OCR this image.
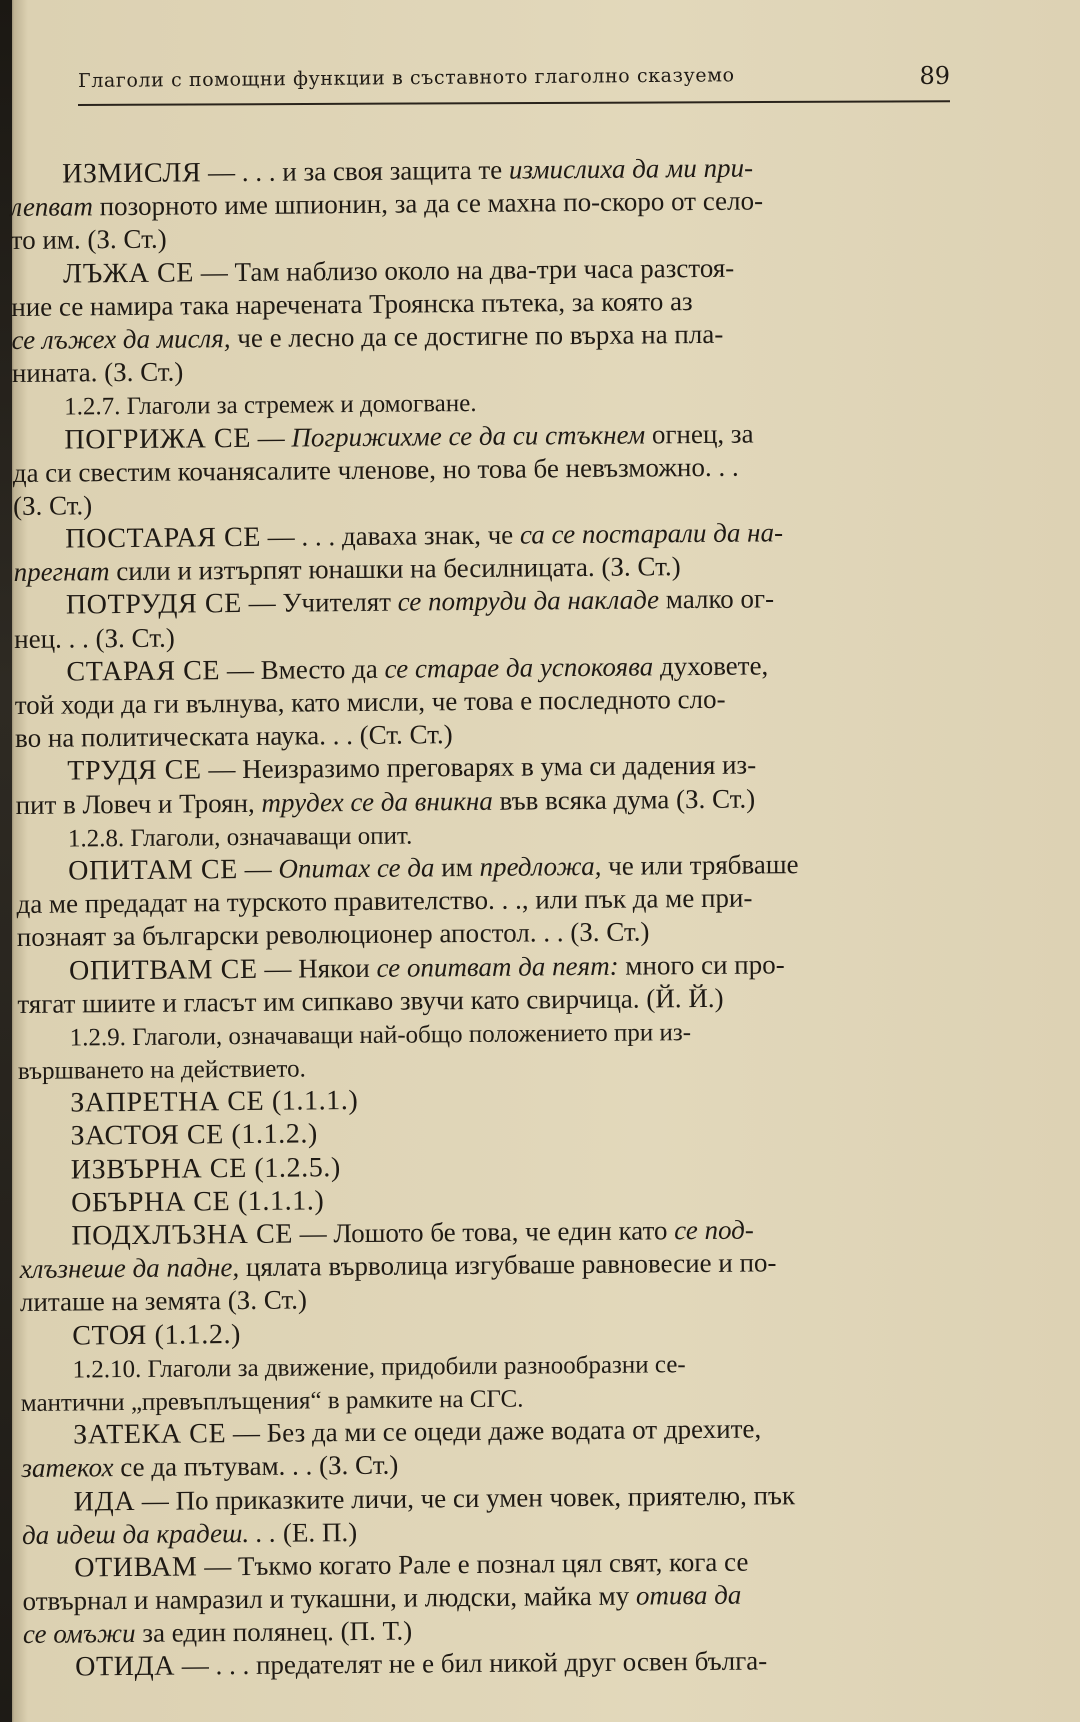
Глаголи с помощни функции в съставното глаголно сказуемо	89
ИЗМИСЛЯ — . . . и за своя защита те измислиха да ми при-
лепват позорното име шпионин, за да се махна по-скоро от село-
то им. (З. Ст.)
ЛЪЖА СЕ — Там наблизо около на два-три часа разстоя-
ние се намира така наречената Троянска пътека, за която аз
се лъжех да мисля, че е лесно да се достигне по върха на пла-
нината. (З. Ст.)
1.2.7. Глаголи за стремеж и домогване.
ПОГРИЖА СЕ — Погрижихме се да си стъкнем огнец, за
да си свестим кочанясалите членове, но това бе невъзможно. . .
(З. Ст.)
ПОСТАРАЯ СЕ — . . . даваха знак, че са се постарали да на-
прегнат сили и изтърпят юнашки на бесилницата. (З. Ст.)
ПОТРУДЯ СЕ — Учителят се потруди да накладе малко ог-
нец. . . (З. Ст.)
СТАРАЯ СЕ — Вместо да се старае да успокоява духовете,
той ходи да ги вълнува, като мисли, че това е последното сло-
во на политическата наука. . . (Ст. Ст.)
ТРУДЯ СЕ — Неизразимо преговарях в ума си дадения из-
пит в Ловеч и Троян, трудех се да вникна във всяка дума (З. Ст.)
1.2.8. Глаголи, означаващи опит.
ОПИТАМ СЕ — Опитах се да им предложа, че или трябваше
да ме предадат на турското правителство. . ., или пък да ме при-
познаят за български революционер апостол. . . (З. Ст.)
ОПИТВАМ СЕ — Някои се опитват да пеят: много си про-
тягат шиите и гласът им сипкаво звучи като свирчица. (Й. Й.)
1.2.9. Глаголи, означаващи най-общо положението при из-
вършването на действието.
ЗАПРЕТНА СЕ (1.1.1.)
ЗАСТОЯ СЕ (1.1.2.)
ИЗВЪРНА СЕ (1.2.5.)
ОБЪРНА СЕ (1.1.1.)
ПОДХЛЪЗНА СЕ — Лошото бе това, че един като се под-
хлъзнеше да падне, цялата върволица изгубваше равновесие и по-
литаше на земята (З. Ст.)
СТОЯ (1.1.2.)
1.2.10. Глаголи за движение, придобили разнообразни се-
мантични „превъплъщения“ в рамките на СГС.
ЗАТЕКА СЕ — Без да ми се оцеди даже водата от дрехите,
затекох се да пътувам. . . (З. Ст.)
ИДА — По приказките личи, че си умен човек, приятелю, пък
да идеш да крадеш. . . (Е. П.)
ОТИВАМ — Тъкмо когато Рале е познал цял свят, кога се
отвърнал и намразил и тукашни, и людски, майка му отива да
се омъжи за един полянец. (П. Т.)
ОТИДА — . . . предателят не е бил никой друг освен бълга-
